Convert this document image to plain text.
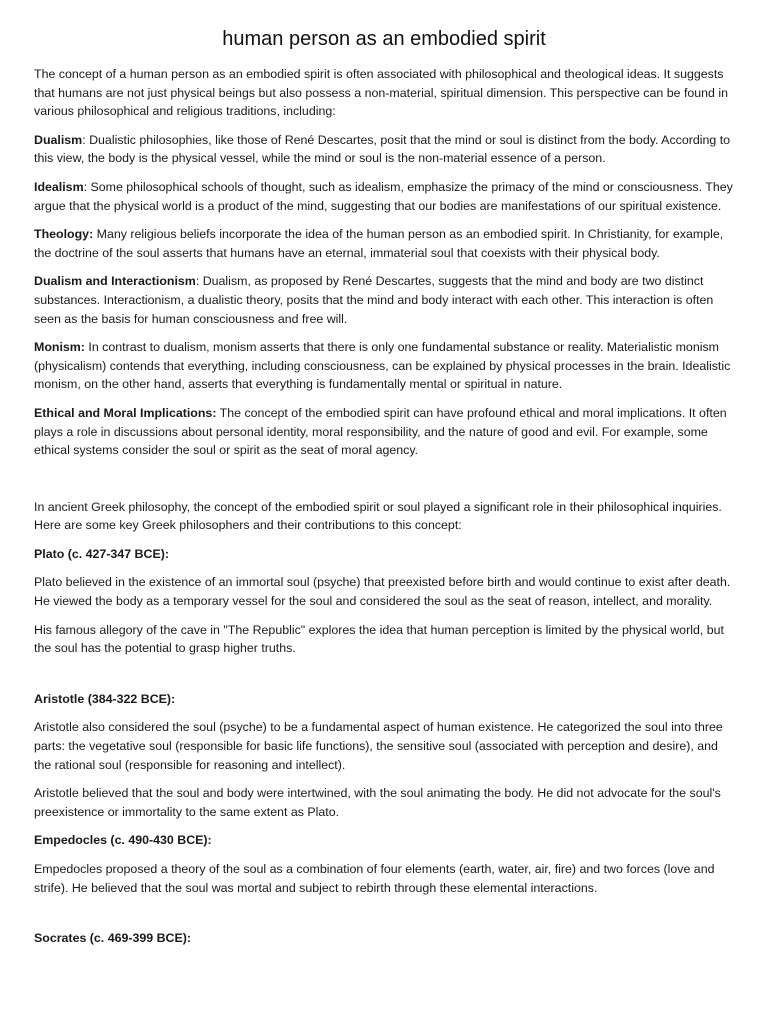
human person as an embodied spirit

The concept of a human person as an embodied spirit is often associated with philosophical and theological ideas. It suggests that humans are not just physical beings but also possess a non-material, spiritual dimension. This perspective can be found in various philosophical and religious traditions, including:

Dualism: Dualistic philosophies, like those of René Descartes, posit that the mind or soul is distinct from the body. According to this view, the body is the physical vessel, while the mind or soul is the non-material essence of a person.

Idealism: Some philosophical schools of thought, such as idealism, emphasize the primacy of the mind or consciousness. They argue that the physical world is a product of the mind, suggesting that our bodies are manifestations of our spiritual existence.

Theology: Many religious beliefs incorporate the idea of the human person as an embodied spirit. In Christianity, for example, the doctrine of the soul asserts that humans have an eternal, immaterial soul that coexists with their physical body.

Dualism and Interactionism: Dualism, as proposed by René Descartes, suggests that the mind and body are two distinct substances. Interactionism, a dualistic theory, posits that the mind and body interact with each other. This interaction is often seen as the basis for human consciousness and free will.

Monism: In contrast to dualism, monism asserts that there is only one fundamental substance or reality. Materialistic monism (physicalism) contends that everything, including consciousness, can be explained by physical processes in the brain. Idealistic monism, on the other hand, asserts that everything is fundamentally mental or spiritual in nature.

Ethical and Moral Implications: The concept of the embodied spirit can have profound ethical and moral implications. It often plays a role in discussions about personal identity, moral responsibility, and the nature of good and evil. For example, some ethical systems consider the soul or spirit as the seat of moral agency.

In ancient Greek philosophy, the concept of the embodied spirit or soul played a significant role in their philosophical inquiries. Here are some key Greek philosophers and their contributions to this concept:

Plato (c. 427-347 BCE):

Plato believed in the existence of an immortal soul (psyche) that preexisted before birth and would continue to exist after death. He viewed the body as a temporary vessel for the soul and considered the soul as the seat of reason, intellect, and morality.

His famous allegory of the cave in "The Republic" explores the idea that human perception is limited by the physical world, but the soul has the potential to grasp higher truths.

Aristotle (384-322 BCE):

Aristotle also considered the soul (psyche) to be a fundamental aspect of human existence. He categorized the soul into three parts: the vegetative soul (responsible for basic life functions), the sensitive soul (associated with perception and desire), and the rational soul (responsible for reasoning and intellect).

Aristotle believed that the soul and body were intertwined, with the soul animating the body. He did not advocate for the soul's preexistence or immortality to the same extent as Plato.

Empedocles (c. 490-430 BCE):

Empedocles proposed a theory of the soul as a combination of four elements (earth, water, air, fire) and two forces (love and strife). He believed that the soul was mortal and subject to rebirth through these elemental interactions.

Socrates (c. 469-399 BCE):
